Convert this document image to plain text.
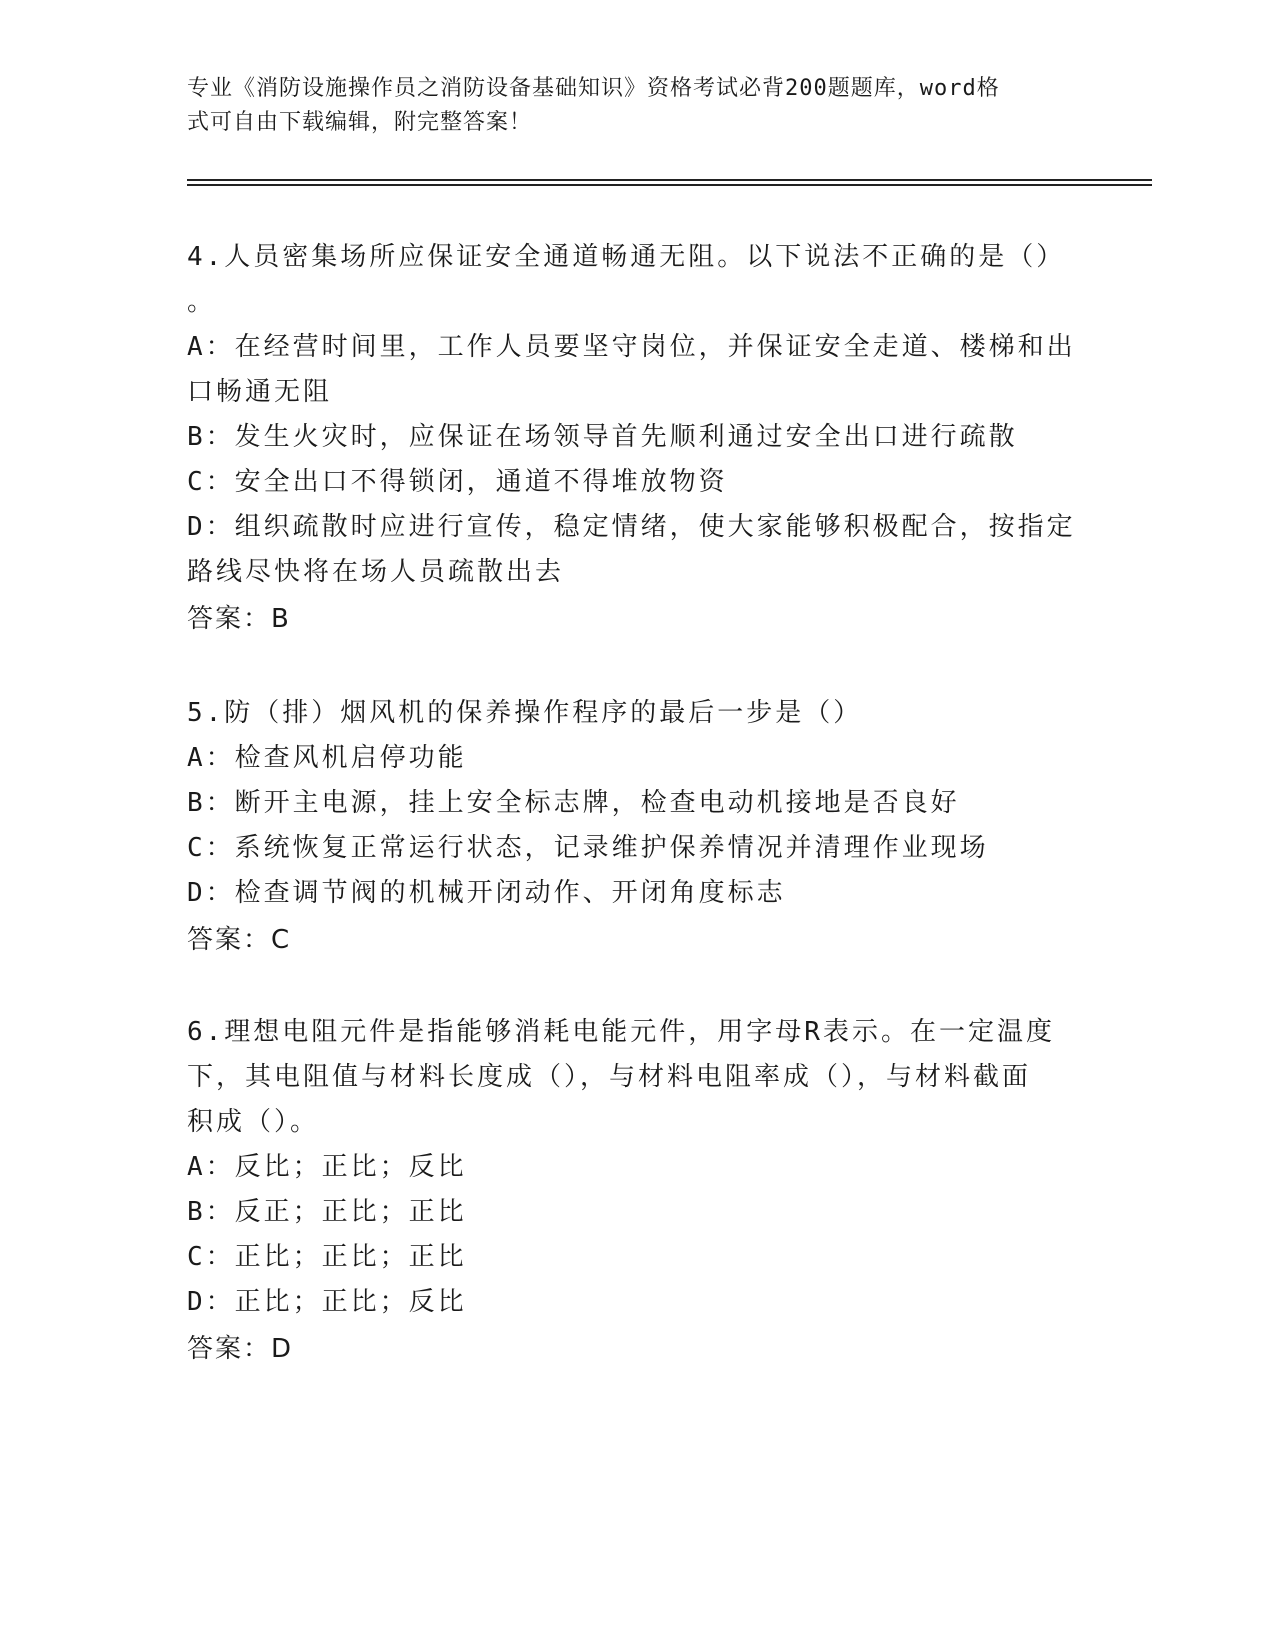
专业《消防设施操作员之消防设备基础知识》资格考试必背200题题库，word格
式可自由下载编辑，附完整答案！
4.人员密集场所应保证安全通道畅通无阻。以下说法不正确的是（）
。
A：在经营时间里，工作人员要坚守岗位，并保证安全走道、楼梯和出
口畅通无阻
B：发生火灾时，应保证在场领导首先顺利通过安全出口进行疏散
C：安全出口不得锁闭，通道不得堆放物资
D：组织疏散时应进行宣传，稳定情绪，使大家能够积极配合，按指定
路线尽快将在场人员疏散出去
答案：B
5.防（排）烟风机的保养操作程序的最后一步是（）
A：检查风机启停功能
B：断开主电源，挂上安全标志牌，检查电动机接地是否良好
C：系统恢复正常运行状态，记录维护保养情况并清理作业现场
D：检查调节阀的机械开闭动作、开闭角度标志
答案：C
6.理想电阻元件是指能够消耗电能元件，用字母R表示。在一定温度
下，其电阻值与材料长度成（），与材料电阻率成（），与材料截面
积成（）。
A：反比；正比；反比
B：反正；正比；正比
C：正比；正比；正比
D：正比；正比；反比
答案：D
